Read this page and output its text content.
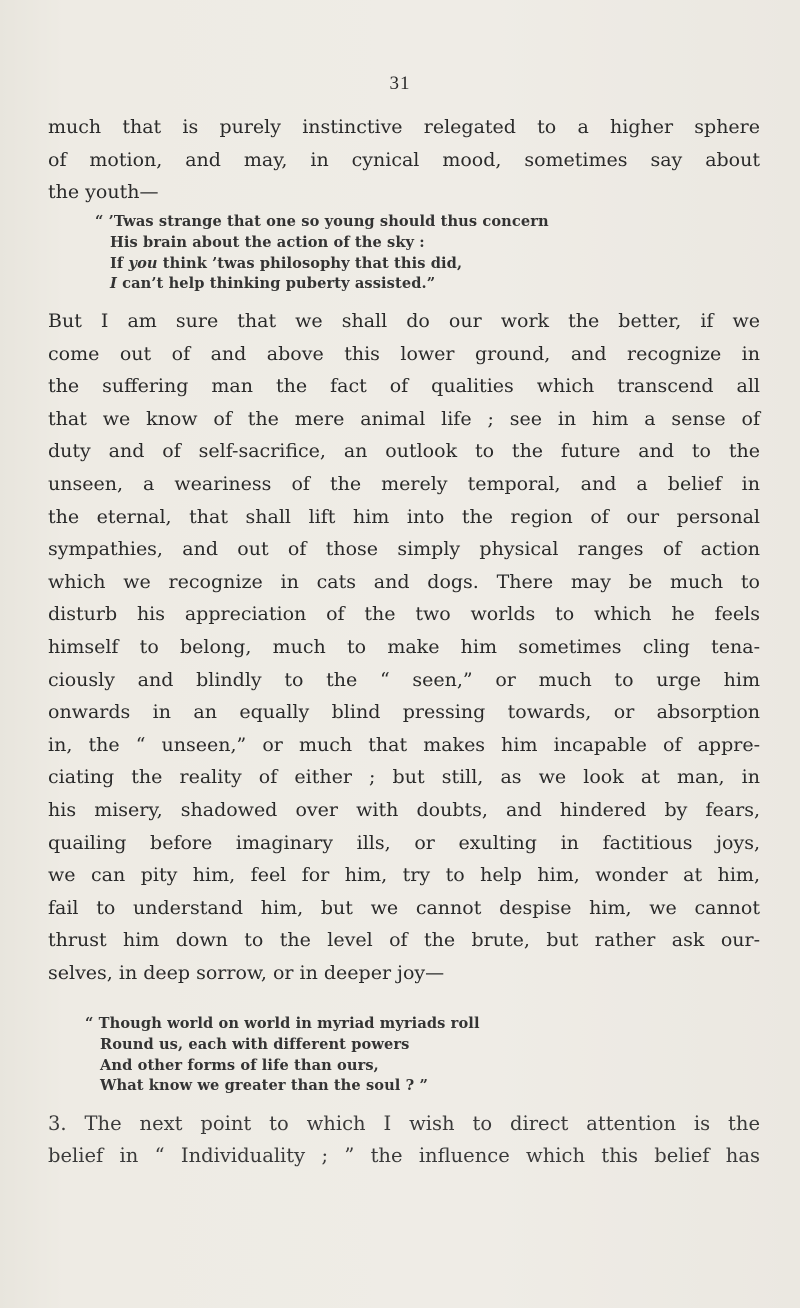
31
much that is purely instinctive relegated to a higher sphere
of motion, and may, in cynical mood, sometimes say about
the youth—
“ ’Twas strange that one so young should thus concern
His brain about the action of the sky :
If you think ’twas philosophy that this did,
I can’t help thinking puberty assisted.”
But I am sure that we shall do our work the better, if we
come out of and above this lower ground, and recognize in
the suffering man the fact of qualities which transcend all
that we know of the mere animal life ; see in him a sense of
duty and of self-sacrifice, an outlook to the future and to the
unseen, a weariness of the merely temporal, and a belief in
the eternal, that shall lift him into the region of our personal
sympathies, and out of those simply physical ranges of action
which we recognize in cats and dogs. There may be much to
disturb his appreciation of the two worlds to which he feels
himself to belong, much to make him sometimes cling tena-
ciously and blindly to the “ seen,” or much to urge him
onwards in an equally blind pressing towards, or absorption
in, the “ unseen,” or much that makes him incapable of appre-
ciating the reality of either ; but still, as we look at man, in
his misery, shadowed over with doubts, and hindered by fears,
quailing before imaginary ills, or exulting in factitious joys,
we can pity him, feel for him, try to help him, wonder at him,
fail to understand him, but we cannot despise him, we cannot
thrust him down to the level of the brute, but rather ask our-
selves, in deep sorrow, or in deeper joy—
“ Though world on world in myriad myriads roll
Round us, each with different powers
And other forms of life than ours,
What know we greater than the soul ? ”
3. The next point to which I wish to direct attention is the
belief in “ Individuality ; ” the influence which this belief has
